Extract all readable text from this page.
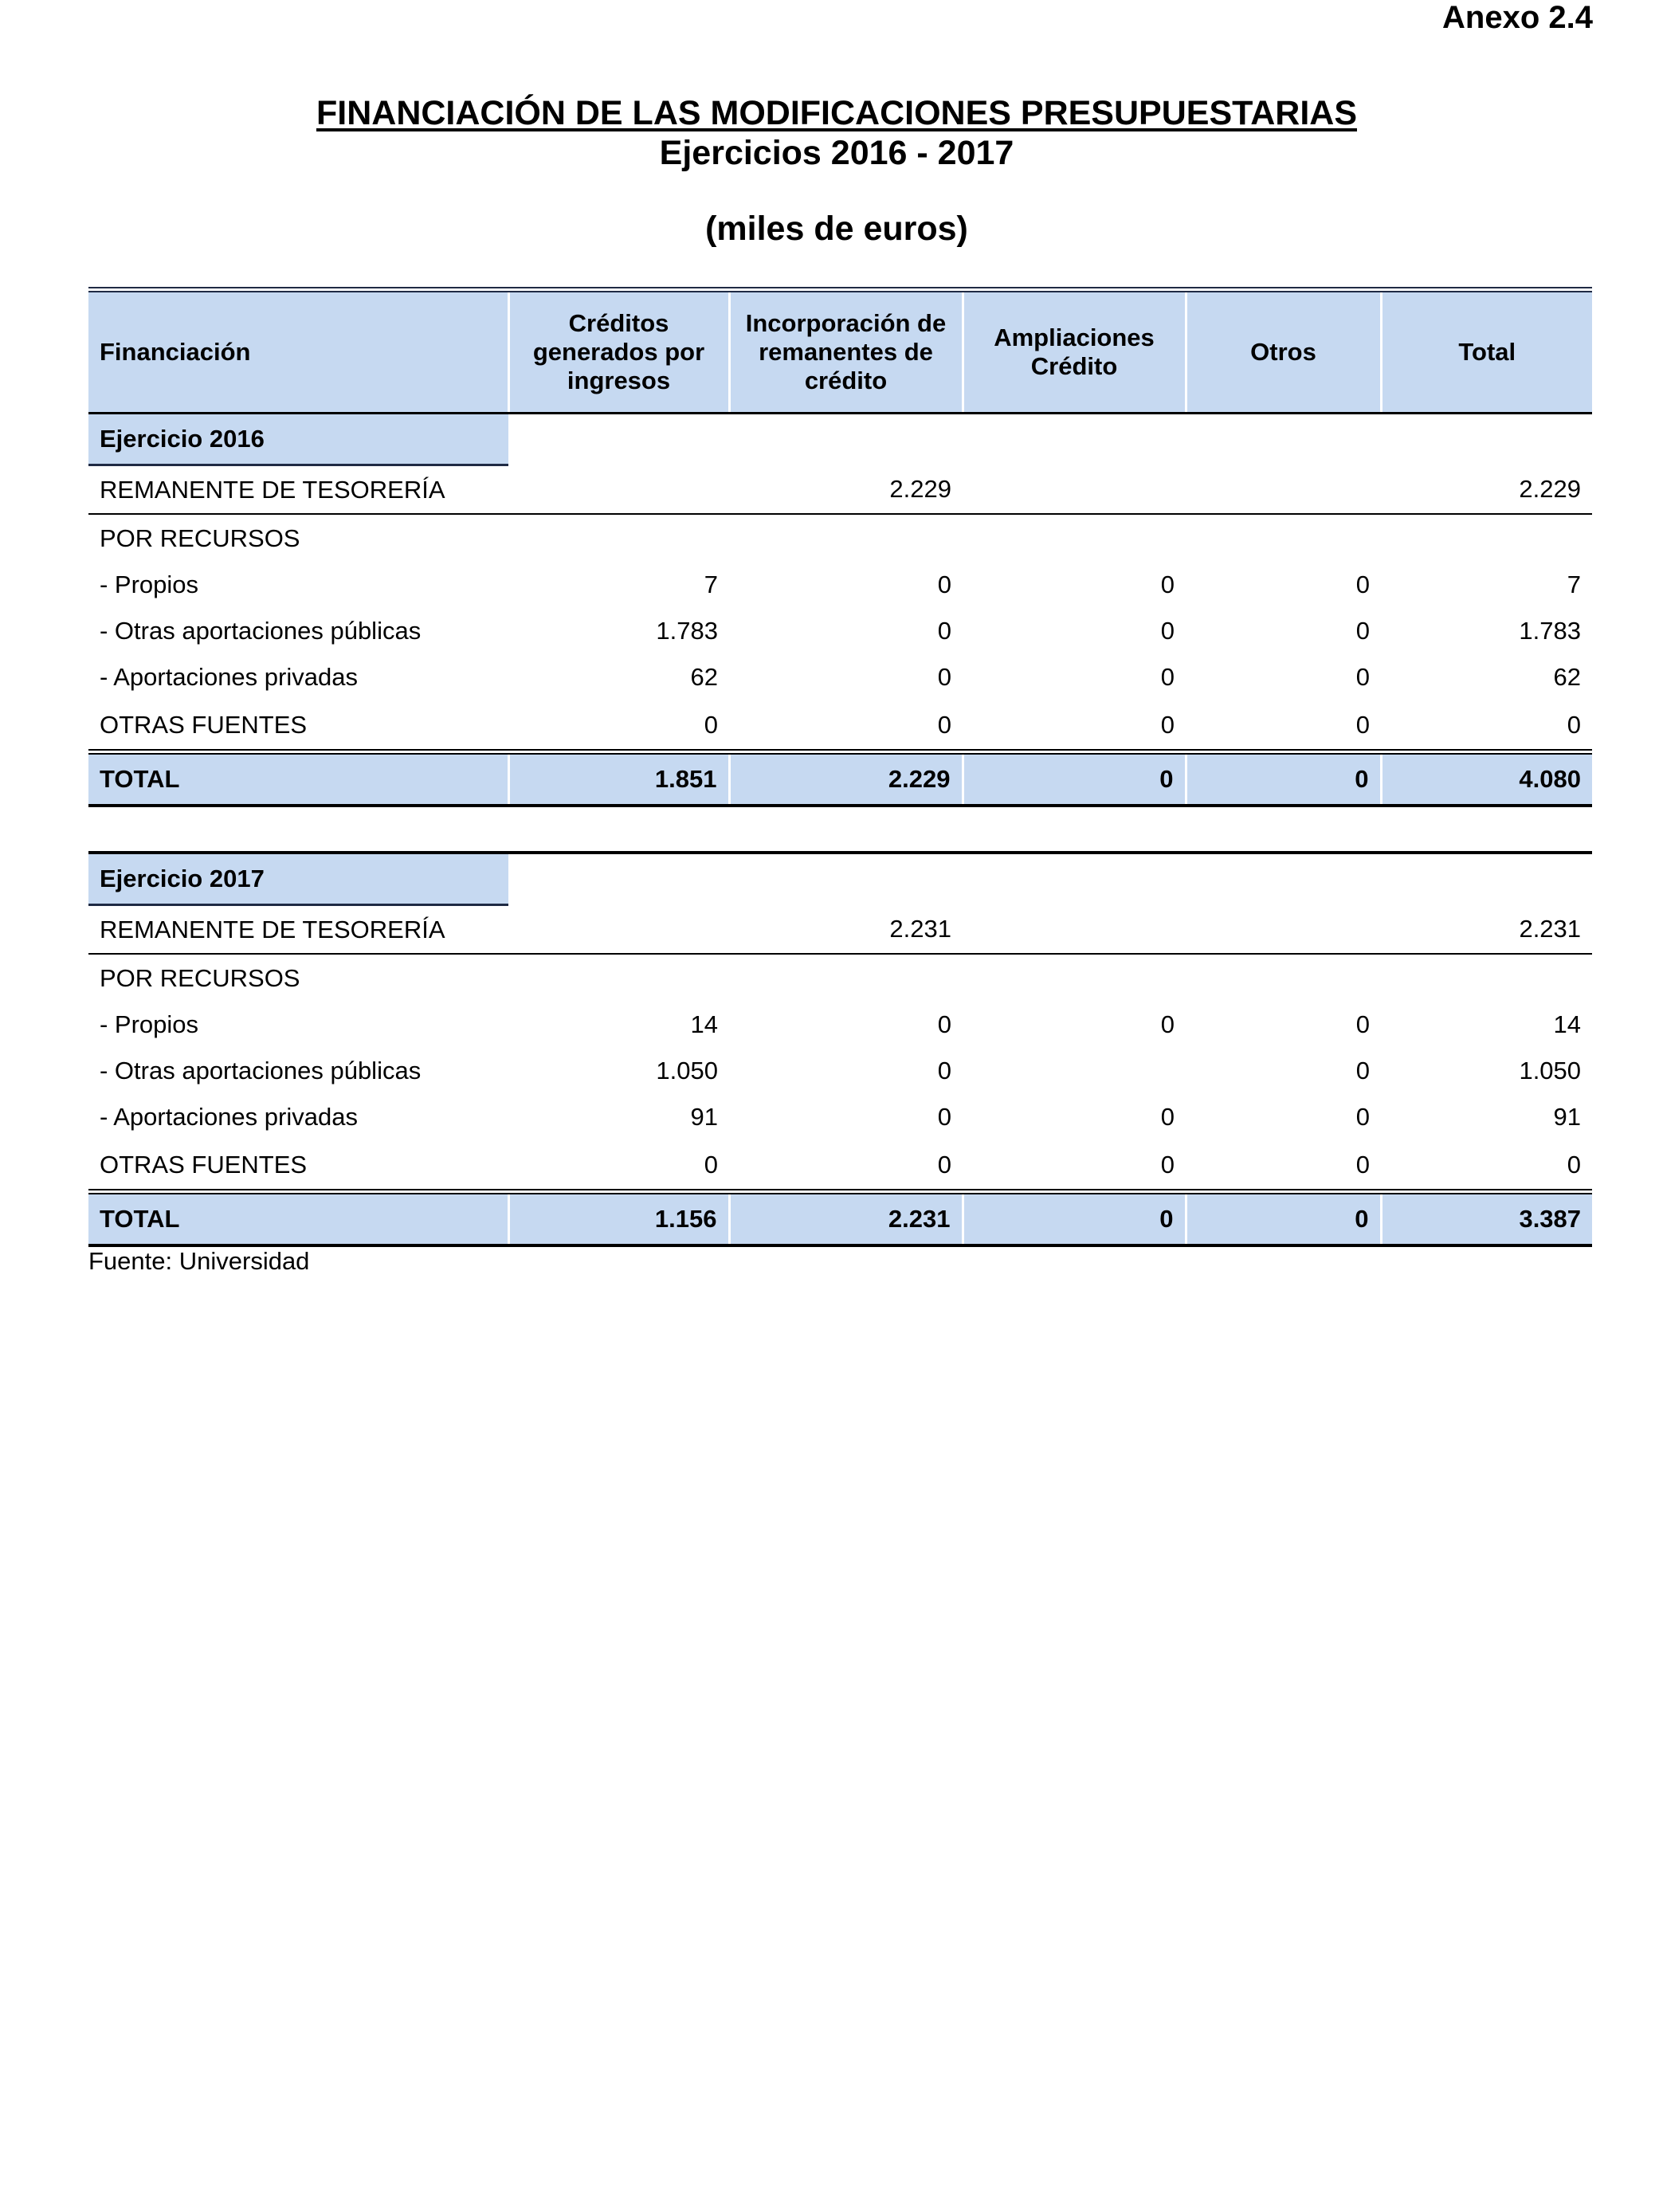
Anexo 2.4
FINANCIACIÓN DE LAS MODIFICACIONES PRESUPUESTARIAS
Ejercicios 2016 - 2017
(miles de euros)
Financiación	Créditos generados por ingresos	Incorporación de remanentes de crédito	Ampliaciones Crédito	Otros	Total
Ejercicio 2016					
REMANENTE DE TESORERÍA		2.229			2.229
POR RECURSOS					
- Propios	7	0	0	0	7
- Otras aportaciones públicas	1.783	0	0	0	1.783
- Aportaciones privadas	62	0	0	0	62
OTRAS FUENTES	0	0	0	0	0
TOTAL	1.851	2.229	0	0	4.080
Ejercicio 2017					
REMANENTE DE TESORERÍA		2.231			2.231
POR RECURSOS					
- Propios	14	0	0	0	14
- Otras aportaciones públicas	1.050	0		0	1.050
- Aportaciones privadas	91	0	0	0	91
OTRAS FUENTES	0	0	0	0	0
TOTAL	1.156	2.231	0	0	3.387
Fuente: Universidad
